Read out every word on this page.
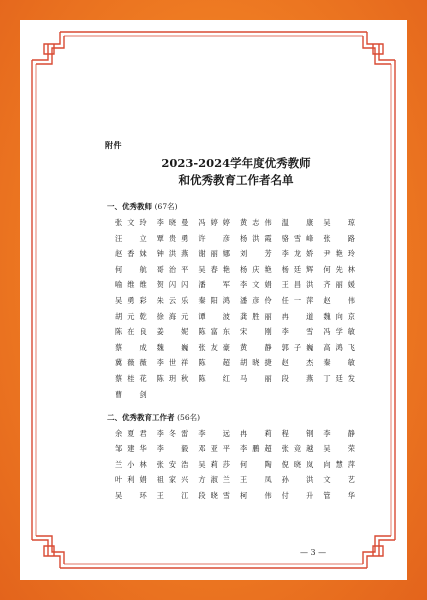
附件
2023-2024学年度优秀教师
和优秀教育工作者名单
一、优秀教师 (67名)
张文玲	李晓曼	冯婷婷	黄志伟	温 康	吴 琼
汪 立	覃贵勇	许 彦	杨洪霞	骆雪峰	张 路
赵香妹	钟洪燕	谢丽娜	刘 芳	李龙娇	尹艳玲
何 航	哥治平	吴春艳	杨庆艳	杨廷辉	何先林
喻维维	贺闪闪	潘 军	李文娟	王昌洪	齐丽媛
吴勇彩	朱云乐	秦阳鸿	潘彦伶	任一萍	赵 伟
胡元乾	徐海元	谭 波	龚胜丽	冉 道	魏向京
陈在良	姜 妮	陈富东	宋 刚	李 雪	冯学敏
蔡 成	魏 巍	张友豪	黄 静	郭子巍	高鸿飞
冀薇薇	李世祥	陈 超	胡晓捷	赵 杰	秦 敏
蔡桂花	陈玥秋	陈 红	马 丽	段 燕	丁廷发
曹 剑
二、优秀教育工作者 (56名)
余夏君	李冬雷	李 远	冉 莉	程 钢	李 静
邹建华	李 毅	邓亚平	李鹏超	张竞越	吴 荣
兰小林	张安浩	吴莉莎	何 陶	倪晓岚	向慧萍
叶利娟	祖家兴	方淑兰	王 凤	孙 洪	文 艺
吴 环	王 江	段晓雪	柯 伟	付 升	管 华
— 3 —
